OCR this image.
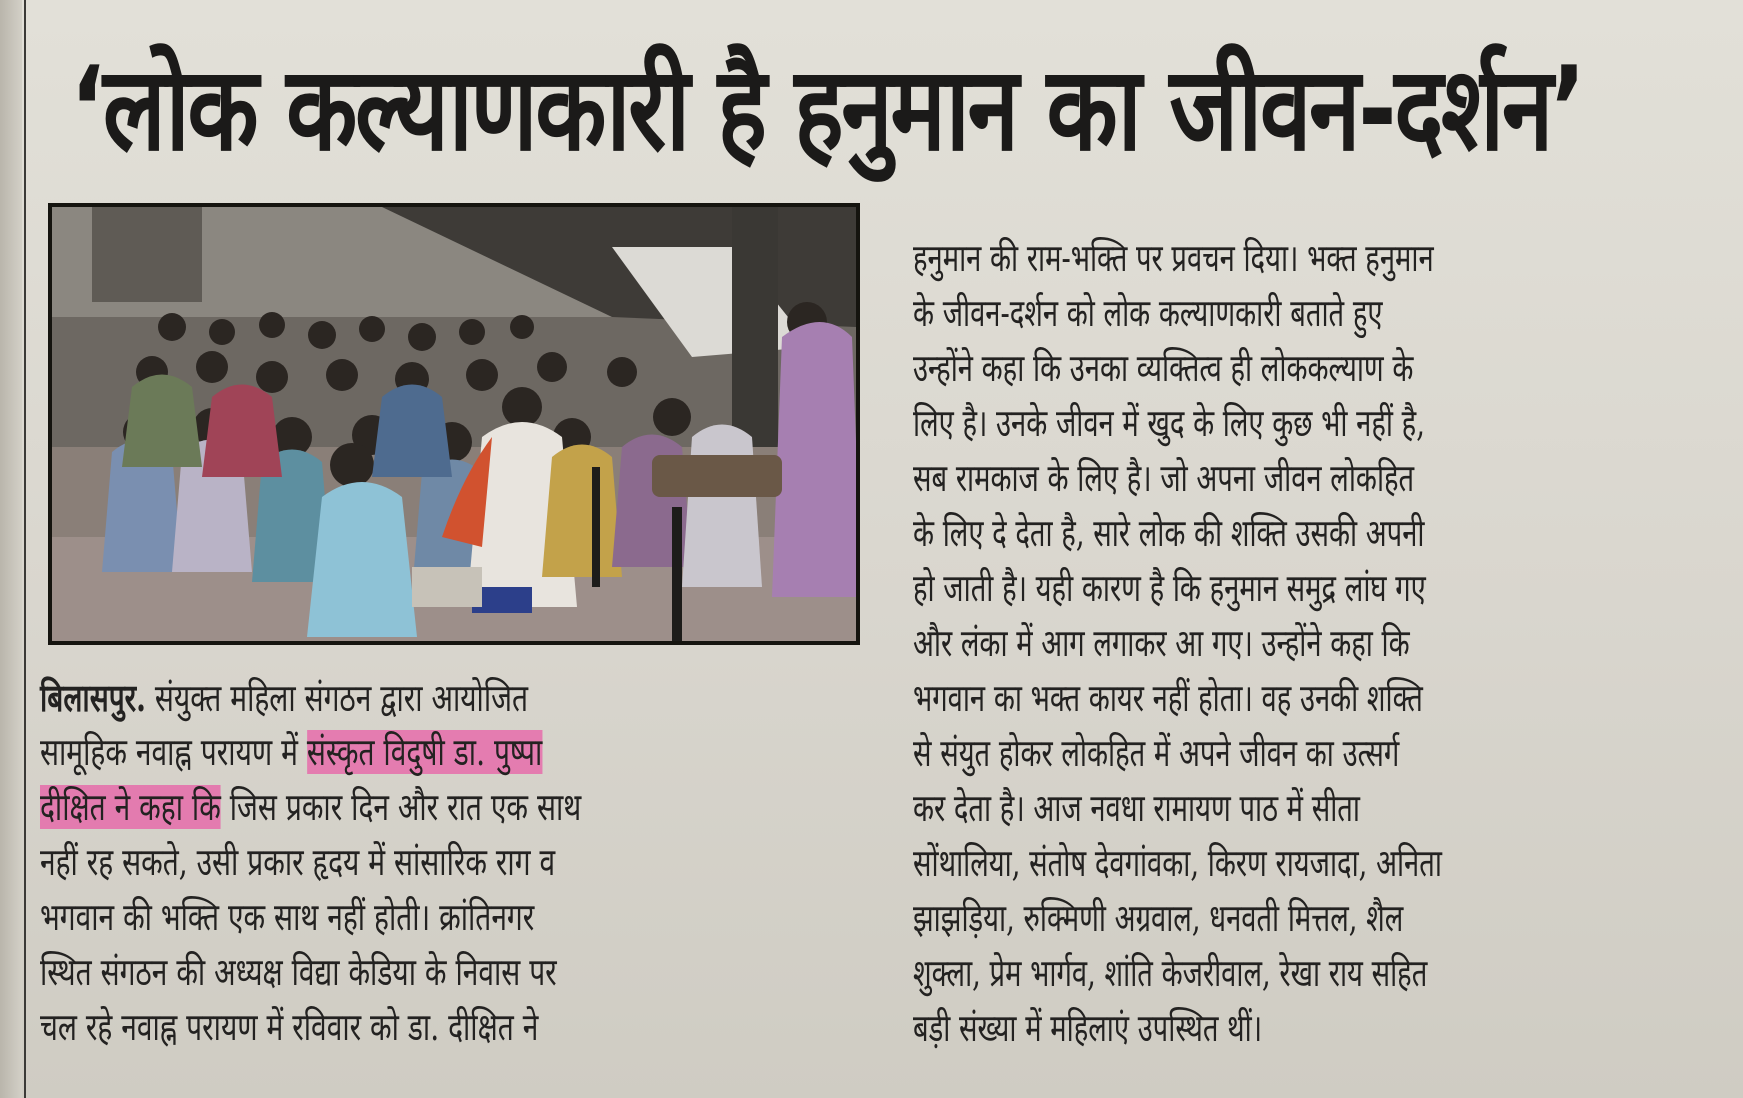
‘लोक कल्याणकारी है हनुमान का जीवन-दर्शन’
बिलासपुर. संयुक्त महिला संगठन द्वारा आयोजित
सामूहिक नवाह्न परायण में संस्कृत विदुषी डा. पुष्पा
दीक्षित ने कहा कि जिस प्रकार दिन और रात एक साथ
नहीं रह सकते, उसी प्रकार हृदय में सांसारिक राग व
भगवान की भक्ति एक साथ नहीं होती। क्रांतिनगर
स्थित संगठन की अध्यक्ष विद्या केडिया के निवास पर
चल रहे नवाह्न परायण में रविवार को डा. दीक्षित ने
हनुमान की राम-भक्ति पर प्रवचन दिया। भक्त हनुमान
के जीवन-दर्शन को लोक कल्याणकारी बताते हुए
उन्होंने कहा कि उनका व्यक्तित्व ही लोककल्याण के
लिए है। उनके जीवन में खुद के लिए कुछ भी नहीं है,
सब रामकाज के लिए है। जो अपना जीवन लोकहित
के लिए दे देता है, सारे लोक की शक्ति उसकी अपनी
हो जाती है। यही कारण है कि हनुमान समुद्र लांघ गए
और लंका में आग लगाकर आ गए। उन्होंने कहा कि
भगवान का भक्त कायर नहीं होता। वह उनकी शक्ति
से संयुत होकर लोकहित में अपने जीवन का उत्सर्ग
कर देता है। आज नवधा रामायण पाठ में सीता
सोंथालिया, संतोष देवगांवका, किरण रायजादा, अनिता
झाझड़िया, रुक्मिणी अग्रवाल, धनवती मित्तल, शैल
शुक्ला, प्रेम भार्गव, शांति केजरीवाल, रेखा राय सहित
बड़ी संख्या में महिलाएं उपस्थित थीं।
